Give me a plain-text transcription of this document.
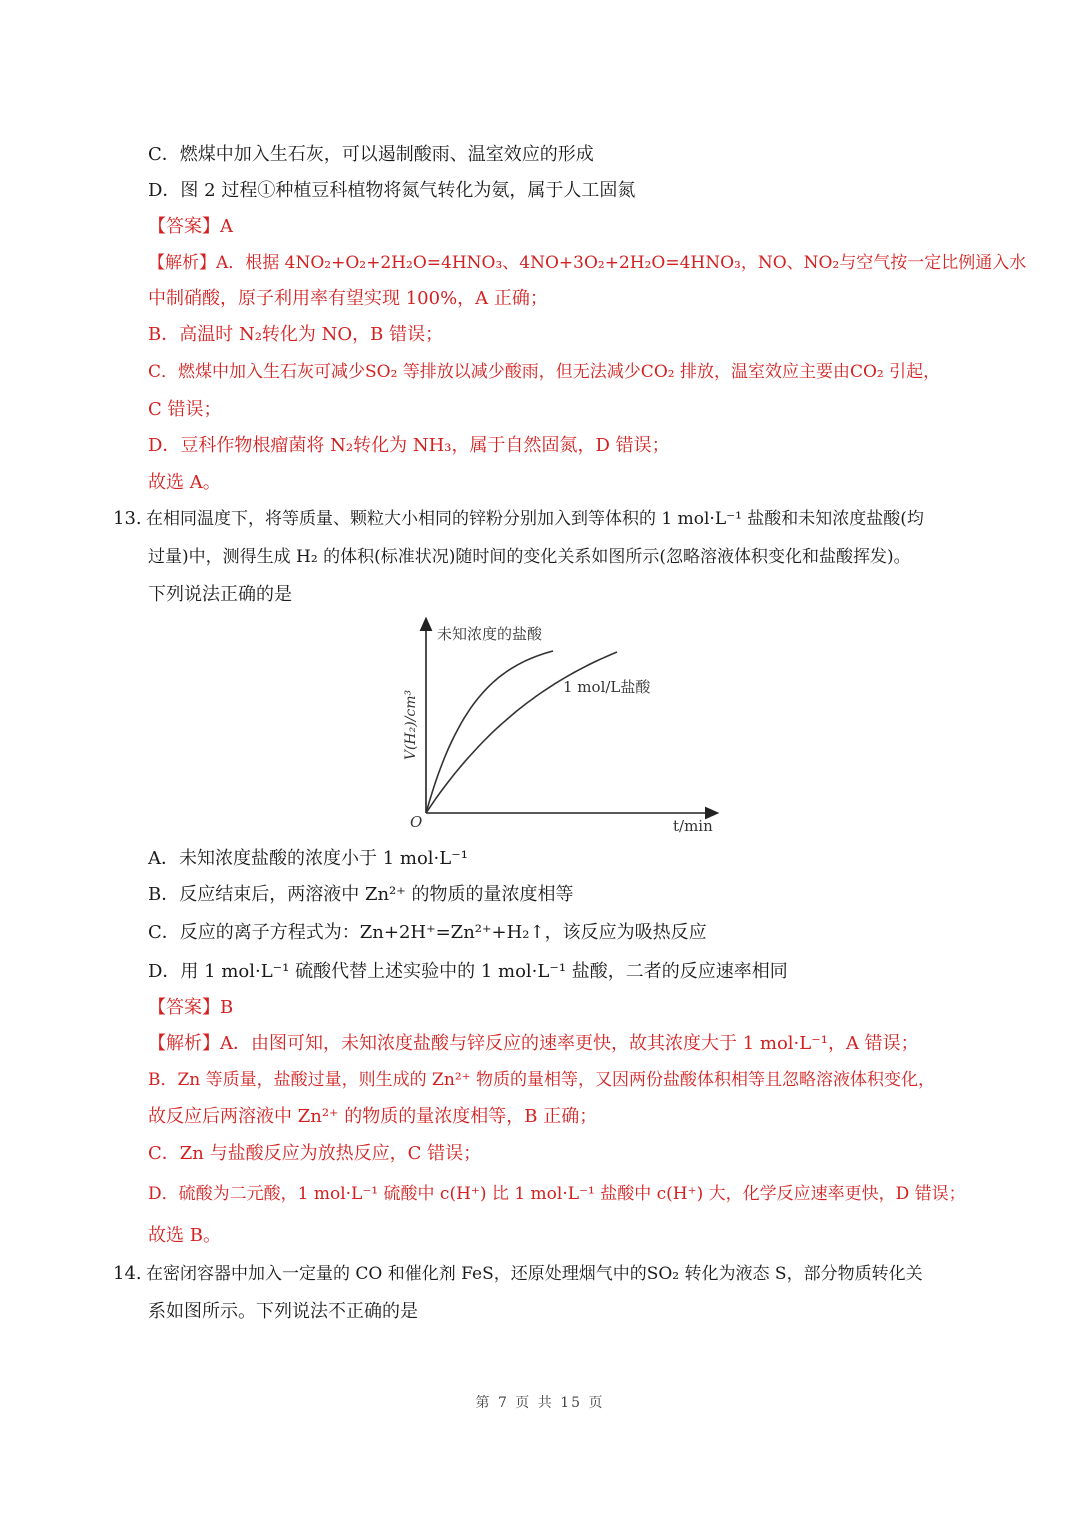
C．燃煤中加入生石灰，可以遏制酸雨、温室效应的形成
D．图 2 过程①种植豆科植物将氮气转化为氨，属于人工固氮
【答案】A
【解析】A．根据 4NO₂+O₂+2H₂O=4HNO₃、4NO+3O₂+2H₂O=4HNO₃，NO、NO₂与空气按一定比例通入水
中制硝酸，原子利用率有望实现 100%，A 正确；
B．高温时 N₂转化为 NO，B 错误；
C．燃煤中加入生石灰可减少SO₂ 等排放以减少酸雨，但无法减少CO₂ 排放，温室效应主要由CO₂ 引起，
C 错误；
D．豆科作物根瘤菌将 N₂转化为 NH₃，属于自然固氮，D 错误；
故选 A。
13. 在相同温度下，将等质量、颗粒大小相同的锌粉分别加入到等体积的 1 mol·L⁻¹ 盐酸和未知浓度盐酸(均
过量)中，测得生成 H₂ 的体积(标准状况)随时间的变化关系如图所示(忽略溶液体积变化和盐酸挥发)。
下列说法正确的是
未知浓度的盐酸
1 mol/L盐酸
V(H₂)/cm³
O	t/min
A．未知浓度盐酸的浓度小于 1 mol·L⁻¹
B．反应结束后，两溶液中 Zn²⁺ 的物质的量浓度相等
C．反应的离子方程式为：Zn+2H⁺=Zn²⁺+H₂↑，该反应为吸热反应
D．用 1 mol·L⁻¹ 硫酸代替上述实验中的 1 mol·L⁻¹ 盐酸，二者的反应速率相同
【答案】B
【解析】A．由图可知，未知浓度盐酸与锌反应的速率更快，故其浓度大于 1 mol·L⁻¹，A 错误；
B．Zn 等质量，盐酸过量，则生成的 Zn²⁺ 物质的量相等，又因两份盐酸体积相等且忽略溶液体积变化，
故反应后两溶液中 Zn²⁺ 的物质的量浓度相等，B 正确；
C．Zn 与盐酸反应为放热反应，C 错误；
D．硫酸为二元酸，1 mol·L⁻¹ 硫酸中 c(H⁺) 比 1 mol·L⁻¹ 盐酸中 c(H⁺) 大，化学反应速率更快，D 错误；
故选 B。
14. 在密闭容器中加入一定量的 CO 和催化剂 FeS，还原处理烟气中的SO₂ 转化为液态 S，部分物质转化关
系如图所示。下列说法不正确的是
第 7 页 共 15 页
